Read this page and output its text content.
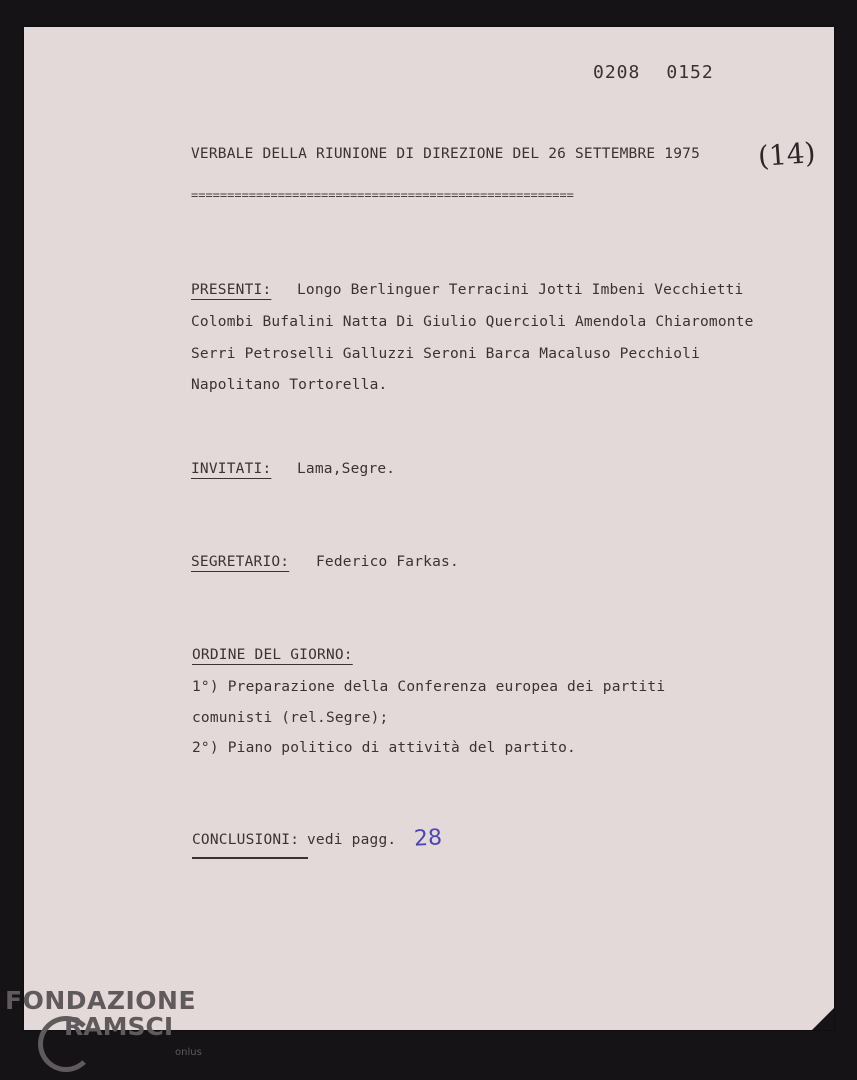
0208 0152
VERBALE DELLA RIUNIONE DI DIREZIONE DEL 26 SETTEMBRE 1975 (14)
=====================================================
PRESENTI: Longo Berlinguer Terracini Jotti Imbeni Vecchietti
Colombi Bufalini Natta Di Giulio Quercioli Amendola Chiaromonte
Serri Petroselli Galluzzi Seroni Barca Macaluso Pecchioli
Napolitano Tortorella.
INVITATI: Lama,Segre.
SEGRETARIO: Federico Farkas.
ORDINE DEL GIORNO:
1°) Preparazione della Conferenza europea dei partiti
comunisti (rel.Segre);
2°) Piano politico di attività del partito.
CONCLUSIONI: vedi pagg. 28
FONDAZIONE
RAMSCI
onlus
